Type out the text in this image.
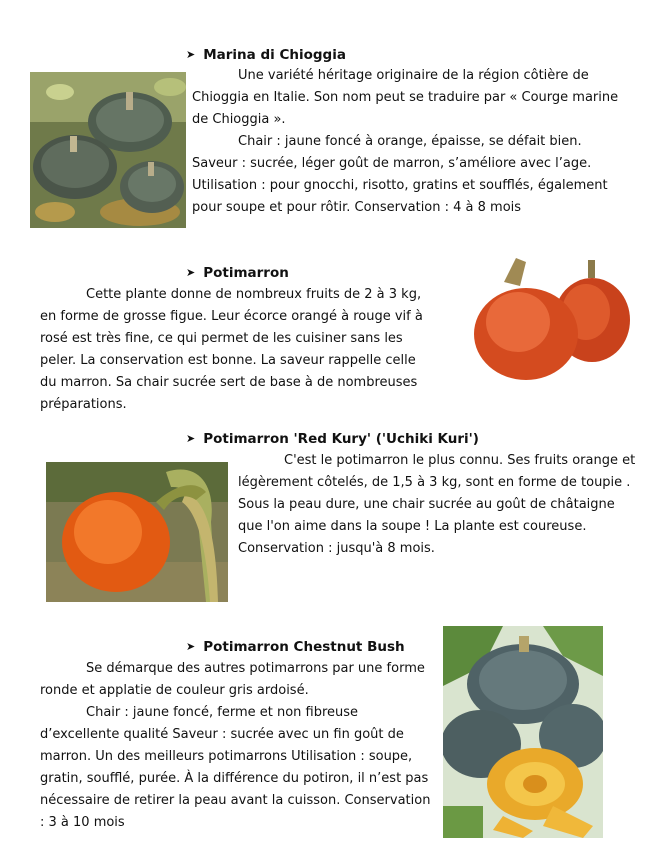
➤ Marina di Chioggia

Une variété héritage originaire de la région côtière de Chioggia en Italie. Son nom peut se traduire par « Courge marine de Chioggia ».

Chair : jaune foncé à orange, épaisse, se défait bien. Saveur : sucrée, léger goût de marron, s’améliore avec l’age. Utilisation : pour gnocchi, risotto, gratins et soufflés, également pour soupe et pour rôtir. Conservation : 4 à 8 mois

➤ Potimarron

Cette plante donne de nombreux fruits de 2 à 3 kg, en forme de grosse figue. Leur écorce orangé à rouge vif à rosé est très fine, ce qui permet de les cuisiner sans les peler. La conservation est bonne. La saveur rappelle celle du marron. Sa chair sucrée sert de base à de nombreuses préparations.

➤ Potimarron 'Red Kury' ('Uchiki Kuri')

C'est le potimarron le plus connu. Ses fruits orange et légèrement côtelés, de 1,5 à 3 kg, sont en forme de toupie . Sous la peau dure, une chair sucrée au goût de châtaigne que l'on aime dans la soupe ! La plante est coureuse. Conservation : jusqu'à 8 mois.

➤ Potimarron Chestnut Bush

Se démarque des autres potimarrons par une forme ronde et applatie de couleur gris ardoisé.

Chair : jaune foncé, ferme et non fibreuse d’excellente qualité Saveur : sucrée avec un fin goût de marron. Un des meilleurs potimarrons Utilisation : soupe, gratin, soufflé, purée. À la différence du potiron, il n’est pas nécessaire de retirer la peau avant la cuisson. Conservation : 3 à 10 mois
